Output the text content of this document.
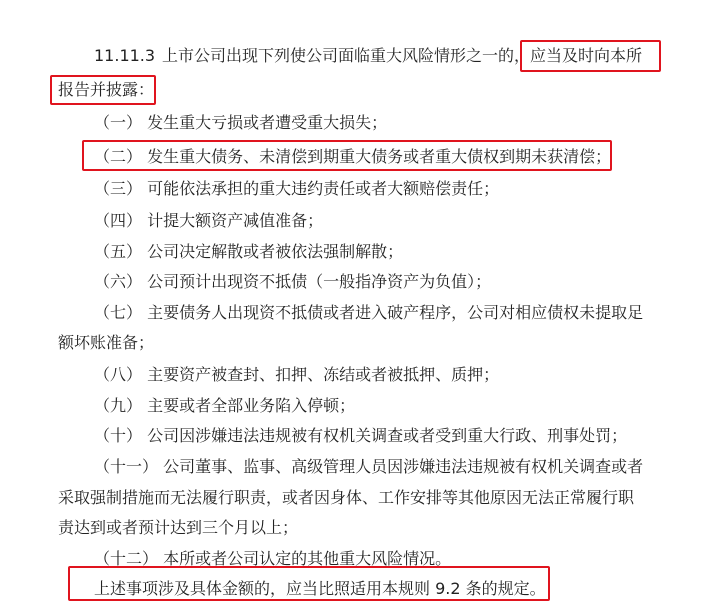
11.11.3 上市公司出现下列使公司面临重大风险情形之一的， 应当及时向本所
报告并披露：
（一） 发生重大亏损或者遭受重大损失；
（二） 发生重大债务、未清偿到期重大债务或者重大债权到期未获清偿；
（三） 可能依法承担的重大违约责任或者大额赔偿责任；
（四） 计提大额资产减值准备；
（五） 公司决定解散或者被依法强制解散；
（六） 公司预计出现资不抵债（一般指净资产为负值）；
（七） 主要债务人出现资不抵债或者进入破产程序，公司对相应债权未提取足
额坏账准备；
（八） 主要资产被查封、扣押、冻结或者被抵押、质押；
（九） 主要或者全部业务陷入停顿；
（十） 公司因涉嫌违法违规被有权机关调查或者受到重大行政、刑事处罚；
（十一） 公司董事、监事、高级管理人员因涉嫌违法违规被有权机关调查或者
采取强制措施而无法履行职责，或者因身体、工作安排等其他原因无法正常履行职
责达到或者预计达到三个月以上；
（十二） 本所或者公司认定的其他重大风险情况。
上述事项涉及具体金额的，应当比照适用本规则 9.2 条的规定。
